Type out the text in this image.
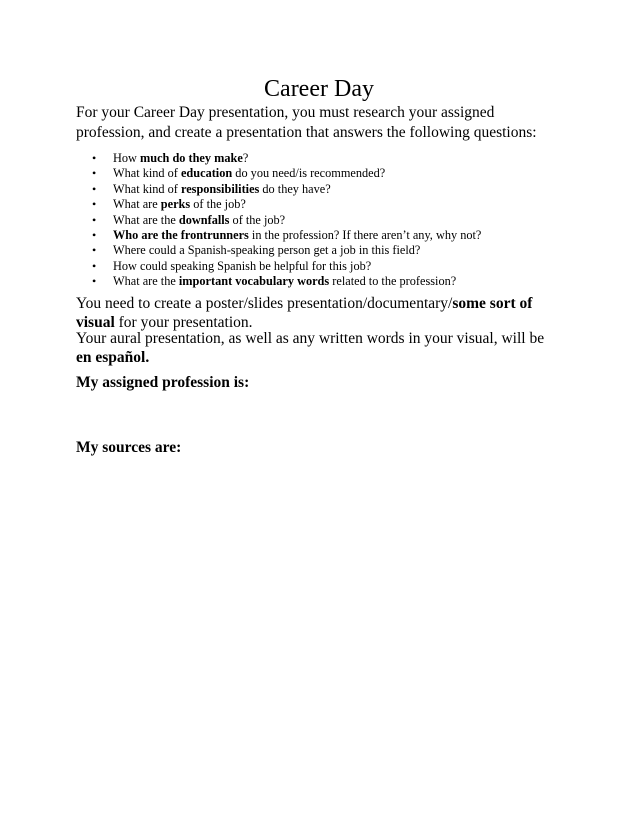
Career Day
For your Career Day presentation, you must research your assigned profession, and create a presentation that answers the following questions:
• How much do they make?
• What kind of education do you need/is recommended?
• What kind of responsibilities do they have?
• What are perks of the job?
• What are the downfalls of the job?
• Who are the frontrunners in the profession? If there aren’t any, why not?
• Where could a Spanish-speaking person get a job in this field?
• How could speaking Spanish be helpful for this job?
• What are the important vocabulary words related to the profession?
You need to create a poster/slides presentation/documentary/some sort of visual for your presentation.
Your aural presentation, as well as any written words in your visual, will be en español.
My assigned profession is:
My sources are:
